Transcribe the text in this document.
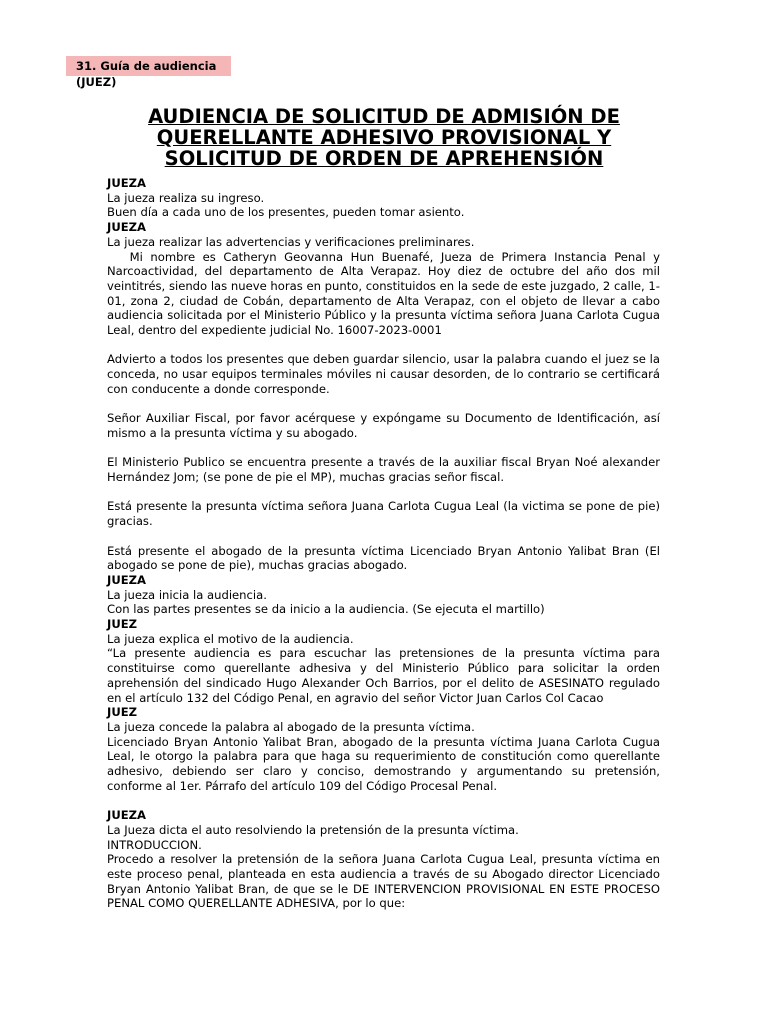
31. Guía de audiencia (JUEZ)
AUDIENCIA DE SOLICITUD DE ADMISIÓN DE QUERELLANTE ADHESIVO PROVISIONAL Y SOLICITUD DE ORDEN DE APREHENSIÓN

JUEZA

La jueza realiza su ingreso.

Buen día a cada uno de los presentes, pueden tomar asiento.

JUEZA

La jueza realizar las advertencias y verificaciones preliminares.

Mi nombre es Catheryn Geovanna Hun Buenafé, Jueza de Primera Instancia Penal y Narcoactividad, del departamento de Alta Verapaz. Hoy diez de octubre del año dos mil veintitrés, siendo las nueve horas en punto, constituidos en la sede de este juzgado, 2 calle, 1-01, zona 2, ciudad de Cobán, departamento de Alta Verapaz, con el objeto de llevar a cabo audiencia solicitada por el Ministerio Público y la presunta víctima señora Juana Carlota Cugua Leal, dentro del expediente judicial No. 16007-2023-0001

Advierto a todos los presentes que deben guardar silencio, usar la palabra cuando el juez se la conceda, no usar equipos terminales móviles ni causar desorden, de lo contrario se certificará con conducente a donde corresponde.

Señor Auxiliar Fiscal, por favor acérquese y expóngame su Documento de Identificación, así mismo a la presunta víctima y su abogado.

El Ministerio Publico se encuentra presente a través de la auxiliar fiscal Bryan Noé alexander Hernández Jom; (se pone de pie el MP), muchas gracias señor fiscal.

Está presente la presunta víctima señora Juana Carlota Cugua Leal (la victima se pone de pie) gracias.

Está presente el abogado de la presunta víctima Licenciado Bryan Antonio Yalibat Bran (El abogado se pone de pie), muchas gracias abogado.

JUEZA

La jueza inicia la audiencia.

Con las partes presentes se da inicio a la audiencia. (Se ejecuta el martillo)

JUEZ

La jueza explica el motivo de la audiencia.

“La presente audiencia es para escuchar las pretensiones de la presunta víctima para constituirse como querellante adhesiva y del Ministerio Público para solicitar la orden aprehensión del sindicado Hugo Alexander Och Barrios, por el delito de ASESINATO regulado en el artículo 132 del Código Penal, en agravio del señor Victor Juan Carlos Col Cacao

JUEZ

La jueza concede la palabra al abogado de la presunta víctima.

Licenciado Bryan Antonio Yalibat Bran, abogado de la presunta víctima Juana Carlota Cugua Leal, le otorgo la palabra para que haga su requerimiento de constitución como querellante adhesivo, debiendo ser claro y conciso, demostrando y argumentando su pretensión, conforme al 1er. Párrafo del artículo 109 del Código Procesal Penal.

JUEZA

La Jueza dicta el auto resolviendo la pretensión de la presunta víctima.

INTRODUCCION.

Procedo a resolver la pretensión de la señora Juana Carlota Cugua Leal, presunta víctima en este proceso penal, planteada en esta audiencia a través de su Abogado director Licenciado Bryan Antonio Yalibat Bran, de que se le DE INTERVENCION PROVISIONAL EN ESTE PROCESO PENAL COMO QUERELLANTE ADHESIVA, por lo que:
